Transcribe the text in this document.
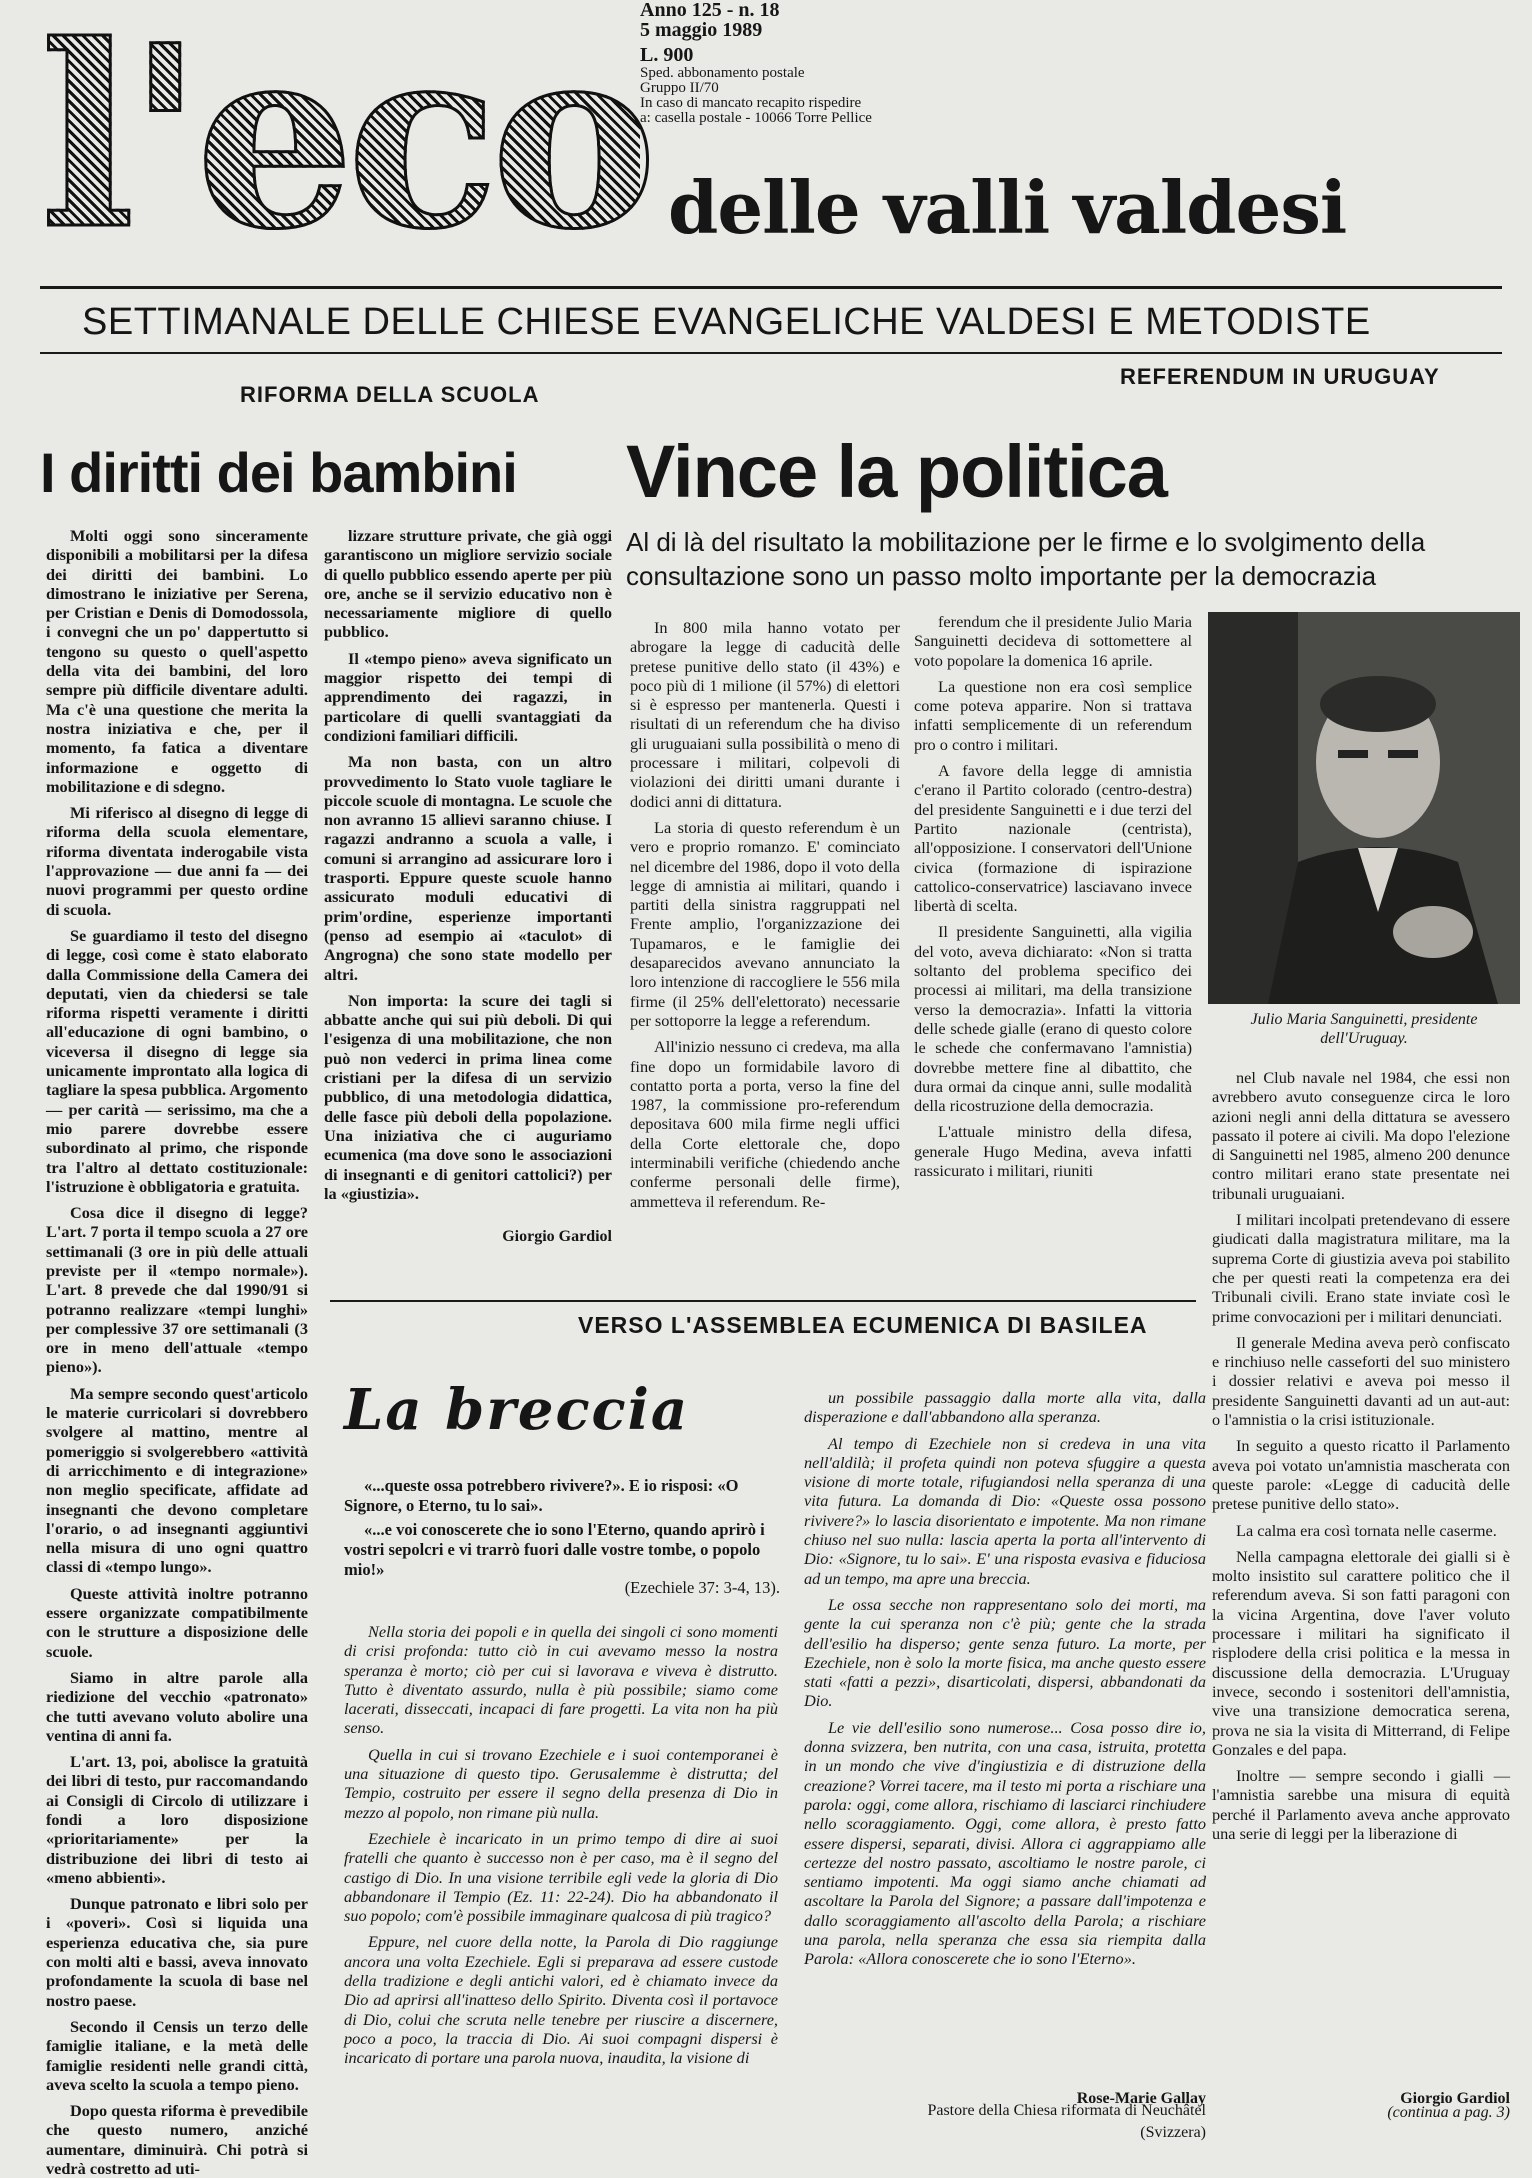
l'eco
Anno 125 - n. 18
5 maggio 1989
L. 900
Sped. abbonamento postale
Gruppo II/70
In caso di mancato recapito rispedire
a: casella postale - 10066 Torre Pellice
delle valli valdesi
SETTIMANALE DELLE CHIESE EVANGELICHE VALDESI E METODISTE
RIFORMA DELLA SCUOLA
I diritti dei bambini

Molti oggi sono sinceramente disponibili a mobilitarsi per la difesa dei diritti dei bambini. Lo dimostrano le iniziative per Serena, per Cristian e Denis di Domodossola, i convegni che un po' dappertutto si tengono su questo o quell'aspetto della vita dei bambini, del loro sempre più difficile diventare adulti. Ma c'è una questione che merita la nostra iniziativa e che, per il momento, fa fatica a diventare informazione e oggetto di mobilitazione e di sdegno.

Mi riferisco al disegno di legge di riforma della scuola elementare, riforma diventata inderogabile vista l'approvazione — due anni fa — dei nuovi programmi per questo ordine di scuola.

Se guardiamo il testo del disegno di legge, così come è stato elaborato dalla Commissione della Camera dei deputati, vien da chiedersi se tale riforma rispetti veramente i diritti all'educazione di ogni bambino, o viceversa il disegno di legge sia unicamente improntato alla logica di tagliare la spesa pubblica. Argomento — per carità — serissimo, ma che a mio parere dovrebbe essere subordinato al primo, che risponde tra l'altro al dettato costituzionale: l'istruzione è obbligatoria e gratuita.

Cosa dice il disegno di legge? L'art. 7 porta il tempo scuola a 27 ore settimanali (3 ore in più delle attuali previste per il «tempo normale»). L'art. 8 prevede che dal 1990/91 si potranno realizzare «tempi lunghi» per complessive 37 ore settimanali (3 ore in meno dell'attuale «tempo pieno»).

Ma sempre secondo quest'articolo le materie curricolari si dovrebbero svolgere al mattino, mentre al pomeriggio si svolgerebbero «attività di arricchimento e di integrazione» non meglio specificate, affidate ad insegnanti che devono completare l'orario, o ad insegnanti aggiuntivi nella misura di uno ogni quattro classi di «tempo lungo».

Queste attività inoltre potranno essere organizzate compatibilmente con le strutture a disposizione delle scuole.

Siamo in altre parole alla riedizione del vecchio «patronato» che tutti avevano voluto abolire una ventina di anni fa.

L'art. 13, poi, abolisce la gratuità dei libri di testo, pur raccomandando ai Consigli di Circolo di utilizzare i fondi a loro disposizione «prioritariamente» per la distribuzione dei libri di testo ai «meno abbienti».

Dunque patronato e libri solo per i «poveri». Così si liquida una esperienza educativa che, sia pure con molti alti e bassi, aveva innovato profondamente la scuola di base nel nostro paese.

Secondo il Censis un terzo delle famiglie italiane, e la metà delle famiglie residenti nelle grandi città, aveva scelto la scuola a tempo pieno.

Dopo questa riforma è prevedibile che questo numero, anziché aumentare, diminuirà. Chi potrà si vedrà costretto ad uti-

lizzare strutture private, che già oggi garantiscono un migliore servizio sociale di quello pubblico essendo aperte per più ore, anche se il servizio educativo non è necessariamente migliore di quello pubblico.

Il «tempo pieno» aveva significato un maggior rispetto dei tempi di apprendimento dei ragazzi, in particolare di quelli svantaggiati da condizioni familiari difficili.

Ma non basta, con un altro provvedimento lo Stato vuole tagliare le piccole scuole di montagna. Le scuole che non avranno 15 allievi saranno chiuse. I ragazzi andranno a scuola a valle, i comuni si arrangino ad assicurare loro i trasporti. Eppure queste scuole hanno assicurato moduli educativi di prim'ordine, esperienze importanti (penso ad esempio ai «taculot» di Angrogna) che sono state modello per altri.

Non importa: la scure dei tagli si abbatte anche qui sui più deboli. Di qui l'esigenza di una mobilitazione, che non può non vederci in prima linea come cristiani per la difesa di un servizio pubblico, di una metodologia didattica, delle fasce più deboli della popolazione. Una iniziativa che ci auguriamo ecumenica (ma dove sono le associazioni di insegnanti e di genitori cattolici?) per la «giustizia».

Giorgio Gardiol
REFERENDUM IN URUGUAY
Vince la politica
Al di là del risultato la mobilitazione per le firme e lo svolgimento della consultazione sono un passo molto importante per la democrazia

In 800 mila hanno votato per abrogare la legge di caducità delle pretese punitive dello stato (il 43%) e poco più di 1 milione (il 57%) di elettori si è espresso per mantenerla. Questi i risultati di un referendum che ha diviso gli uruguaiani sulla possibilità o meno di processare i militari, colpevoli di violazioni dei diritti umani durante i dodici anni di dittatura.

La storia di questo referendum è un vero e proprio romanzo. E' cominciato nel dicembre del 1986, dopo il voto della legge di amnistia ai militari, quando i partiti della sinistra raggruppati nel Frente amplio, l'organizzazione dei Tupamaros, e le famiglie dei desaparecidos avevano annunciato la loro intenzione di raccogliere le 556 mila firme (il 25% dell'elettorato) necessarie per sottoporre la legge a referendum.

All'inizio nessuno ci credeva, ma alla fine dopo un formidabile lavoro di contatto porta a porta, verso la fine del 1987, la commissione pro-referendum depositava 600 mila firme negli uffici della Corte elettorale che, dopo interminabili verifiche (chiedendo anche conferme personali delle firme), ammetteva il referendum. Re-

ferendum che il presidente Julio Maria Sanguinetti decideva di sottomettere al voto popolare la domenica 16 aprile.

La questione non era così semplice come poteva apparire. Non si trattava infatti semplicemente di un referendum pro o contro i militari.

A favore della legge di amnistia c'erano il Partito colorado (centro-destra) del presidente Sanguinetti e i due terzi del Partito nazionale (centrista), all'opposizione. I conservatori dell'Unione civica (formazione di ispirazione cattolico-conservatrice) lasciavano invece libertà di scelta.

Il presidente Sanguinetti, alla vigilia del voto, aveva dichiarato: «Non si tratta soltanto del problema specifico dei processi ai militari, ma della transizione verso la democrazia». Infatti la vittoria delle schede gialle (erano di questo colore le schede che confermavano l'amnistia) dovrebbe mettere fine al dibattito, che dura ormai da cinque anni, sulle modalità della ricostruzione della democrazia.

L'attuale ministro della difesa, generale Hugo Medina, aveva infatti rassicurato i militari, riuniti

Julio Maria Sanguinetti, presidente dell'Uruguay.

nel Club navale nel 1984, che essi non avrebbero avuto conseguenze circa le loro azioni negli anni della dittatura se avessero passato il potere ai civili. Ma dopo l'elezione di Sanguinetti nel 1985, almeno 200 denunce contro militari erano state presentate nei tribunali uruguaiani.

I militari incolpati pretendevano di essere giudicati dalla magistratura militare, ma la suprema Corte di giustizia aveva poi stabilito che per questi reati la competenza era dei Tribunali civili. Erano state inviate così le prime convocazioni per i militari denunciati.

Il generale Medina aveva però confiscato e rinchiuso nelle casseforti del suo ministero i dossier relativi e aveva poi messo il presidente Sanguinetti davanti ad un aut-aut: o l'amnistia o la crisi istituzionale.

In seguito a questo ricatto il Parlamento aveva poi votato un'amnistia mascherata con queste parole: «Legge di caducità delle pretese punitive dello stato».

La calma era così tornata nelle caserme.

Nella campagna elettorale dei gialli si è molto insistito sul carattere politico che il referendum aveva. Si son fatti paragoni con la vicina Argentina, dove l'aver voluto processare i militari ha significato il risplodere della crisi politica e la messa in discussione della democrazia. L'Uruguay invece, secondo i sostenitori dell'amnistia, vive una transizione democratica serena, prova ne sia la visita di Mitterrand, di Felipe Gonzales e del papa.

Inoltre — sempre secondo i gialli — l'amnistia sarebbe una misura di equità perché il Parlamento aveva anche approvato una serie di leggi per la liberazione di

Giorgio Gardiol
(continua a pag. 3)
VERSO L'ASSEMBLEA ECUMENICA DI BASILEA
La breccia

«...queste ossa potrebbero rivivere?». E io risposi: «O Signore, o Eterno, tu lo sai».

«...e voi conoscerete che io sono l'Eterno, quando aprirò i vostri sepolcri e vi trarrò fuori dalle vostre tombe, o popolo mio!»

(Ezechiele 37: 3-4, 13).

Nella storia dei popoli e in quella dei singoli ci sono momenti di crisi profonda: tutto ciò in cui avevamo messo la nostra speranza è morto; ciò per cui si lavorava e viveva è distrutto. Tutto è diventato assurdo, nulla è più possibile; siamo come lacerati, disseccati, incapaci di fare progetti. La vita non ha più senso.

Quella in cui si trovano Ezechiele e i suoi contemporanei è una situazione di questo tipo. Gerusalemme è distrutta; del Tempio, costruito per essere il segno della presenza di Dio in mezzo al popolo, non rimane più nulla.

Ezechiele è incaricato in un primo tempo di dire ai suoi fratelli che quanto è successo non è per caso, ma è il segno del castigo di Dio. In una visione terribile egli vede la gloria di Dio abbandonare il Tempio (Ez. 11: 22-24). Dio ha abbandonato il suo popolo; com'è possibile immaginare qualcosa di più tragico?

Eppure, nel cuore della notte, la Parola di Dio raggiunge ancora una volta Ezechiele. Egli si preparava ad essere custode della tradizione e degli antichi valori, ed è chiamato invece da Dio ad aprirsi all'inatteso dello Spirito. Diventa così il portavoce di Dio, colui che scruta nelle tenebre per riuscire a discernere, poco a poco, la traccia di Dio. Ai suoi compagni dispersi è incaricato di portare una parola nuova, inaudita, la visione di

un possibile passaggio dalla morte alla vita, dalla disperazione e dall'abbandono alla speranza.

Al tempo di Ezechiele non si credeva in una vita nell'aldilà; il profeta quindi non poteva sfuggire a questa visione di morte totale, rifugiandosi nella speranza di una vita futura. La domanda di Dio: «Queste ossa possono rivivere?» lo lascia disorientato e impotente. Ma non rimane chiuso nel suo nulla: lascia aperta la porta all'intervento di Dio: «Signore, tu lo sai». E' una risposta evasiva e fiduciosa ad un tempo, ma apre una breccia.

Le ossa secche non rappresentano solo dei morti, ma gente la cui speranza non c'è più; gente che la strada dell'esilio ha disperso; gente senza futuro. La morte, per Ezechiele, non è solo la morte fisica, ma anche questo essere stati «fatti a pezzi», disarticolati, dispersi, abbandonati da Dio.

Le vie dell'esilio sono numerose... Cosa posso dire io, donna svizzera, ben nutrita, con una casa, istruita, protetta in un mondo che vive d'ingiustizia e di distruzione della creazione? Vorrei tacere, ma il testo mi porta a rischiare una parola: oggi, come allora, rischiamo di lasciarci rinchiudere nello scoraggiamento. Oggi, come allora, è presto fatto essere dispersi, separati, divisi. Allora ci aggrappiamo alle certezze del nostro passato, ascoltiamo le nostre parole, ci sentiamo impotenti. Ma oggi siamo anche chiamati ad ascoltare la Parola del Signore; a passare dall'impotenza e dallo scoraggiamento all'ascolto della Parola; a rischiare una parola, nella speranza che essa sia riempita dalla Parola: «Allora conoscerete che io sono l'Eterno».

Rose-Marie Gallay
Pastore della Chiesa riformata di Neuchâtel
(Svizzera)
